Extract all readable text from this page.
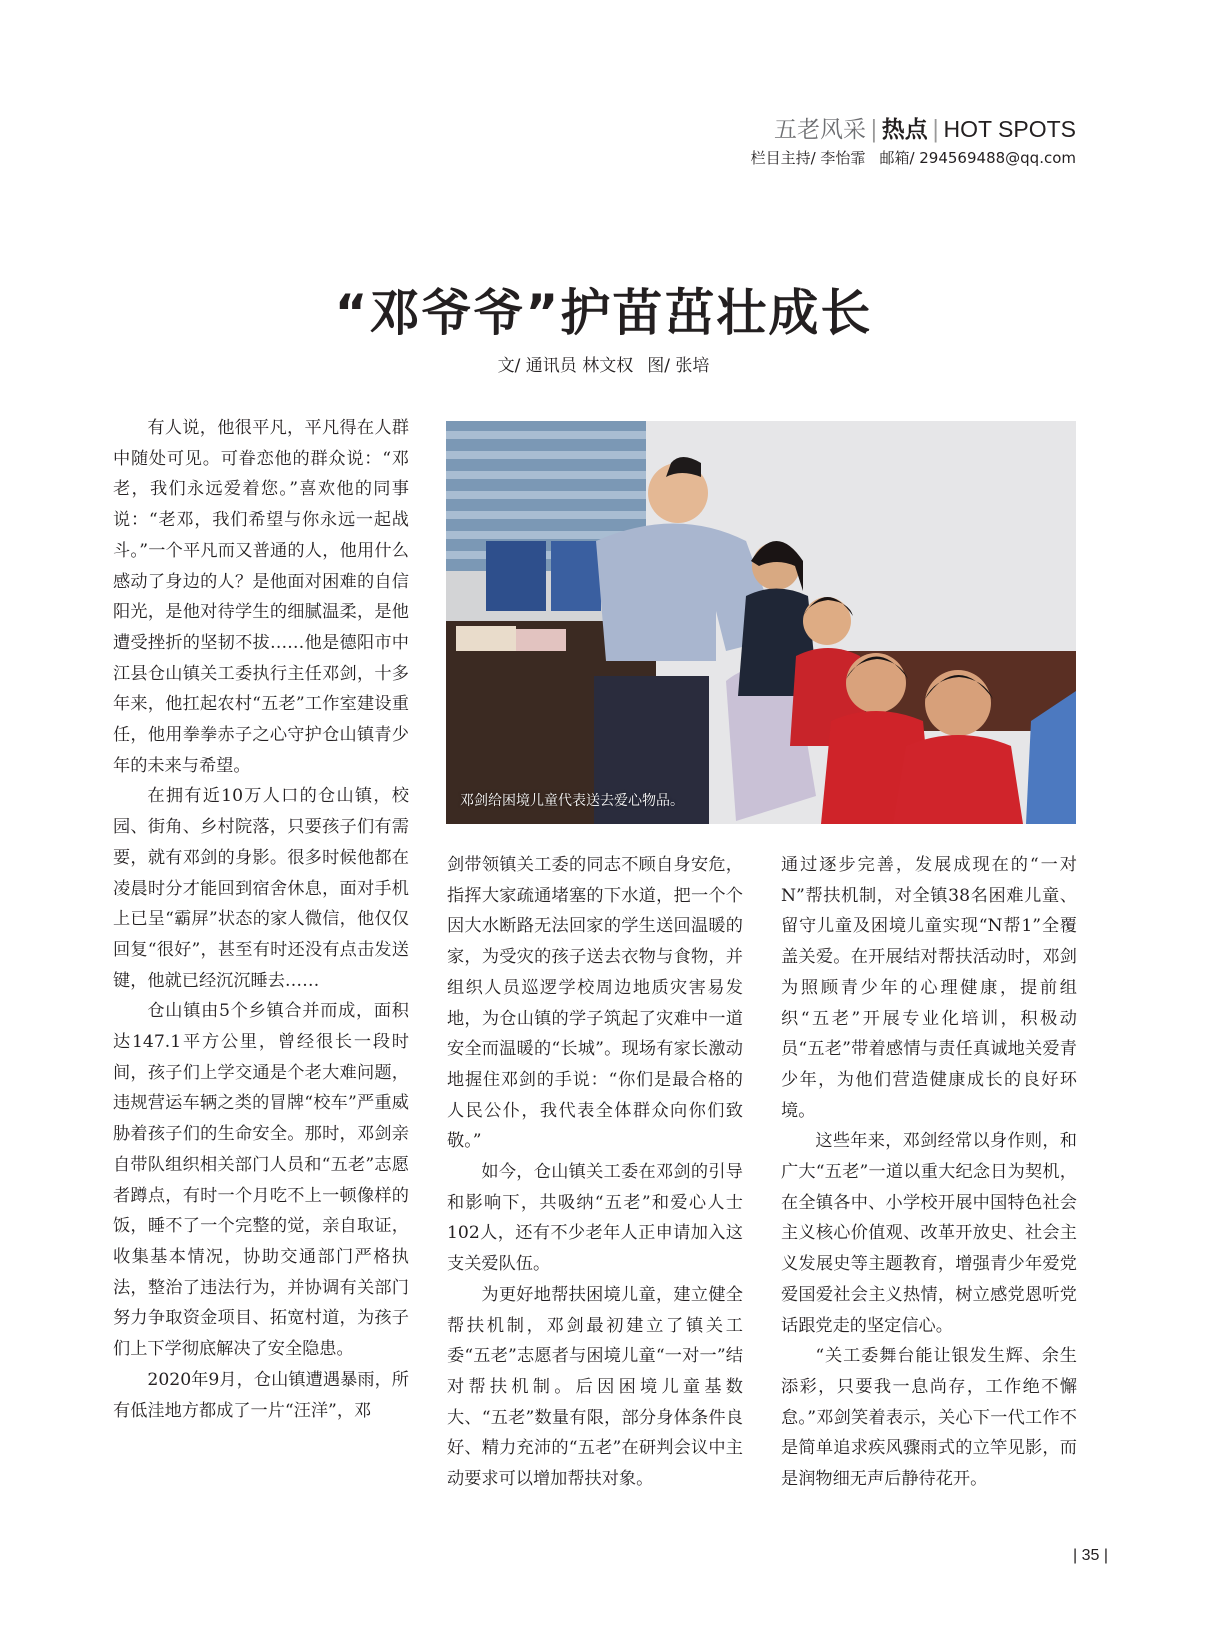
五老风采 | 热点 | HOT SPOTS
栏目主持/ 李怡霏 邮箱/ 294569488@qq.com
“邓爷爷”护苗茁壮成长
文/ 通讯员 林文权 图/ 张培

有人说，他很平凡，平凡得在人群中随处可见。可眷恋他的群众说：“邓老，我们永远爱着您。”喜欢他的同事说：“老邓，我们希望与你永远一起战斗。”一个平凡而又普通的人，他用什么感动了身边的人？是他面对困难的自信阳光，是他对待学生的细腻温柔，是他遭受挫折的坚韧不拔……他是德阳市中江县仓山镇关工委执行主任邓剑，十多年来，他扛起农村“五老”工作室建设重任，他用拳拳赤子之心守护仓山镇青少年的未来与希望。

在拥有近10万人口的仓山镇，校园、街角、乡村院落，只要孩子们有需要，就有邓剑的身影。很多时候他都在凌晨时分才能回到宿舍休息，面对手机上已呈“霸屏”状态的家人微信，他仅仅回复“很好”，甚至有时还没有点击发送键，他就已经沉沉睡去……

仓山镇由5个乡镇合并而成，面积达147.1平方公里，曾经很长一段时间，孩子们上学交通是个老大难问题，违规营运车辆之类的冒牌“校车”严重威胁着孩子们的生命安全。那时，邓剑亲自带队组织相关部门人员和“五老”志愿者蹲点，有时一个月吃不上一顿像样的饭，睡不了一个完整的觉，亲自取证，收集基本情况，协助交通部门严格执法，整治了违法行为，并协调有关部门努力争取资金项目、拓宽村道，为孩子们上下学彻底解决了安全隐患。

2020年9月，仓山镇遭遇暴雨，所有低洼地方都成了一片“汪洋”，邓

邓剑给困境儿童代表送去爱心物品。

剑带领镇关工委的同志不顾自身安危，指挥大家疏通堵塞的下水道，把一个个因大水断路无法回家的学生送回温暖的家，为受灾的孩子送去衣物与食物，并组织人员巡逻学校周边地质灾害易发地，为仓山镇的学子筑起了灾难中一道安全而温暖的“长城”。现场有家长激动地握住邓剑的手说：“你们是最合格的人民公仆，我代表全体群众向你们致敬。”

如今，仓山镇关工委在邓剑的引导和影响下，共吸纳“五老”和爱心人士102人，还有不少老年人正申请加入这支关爱队伍。

为更好地帮扶困境儿童，建立健全帮扶机制，邓剑最初建立了镇关工委“五老”志愿者与困境儿童“一对一”结对帮扶机制。后因困境儿童基数大、“五老”数量有限，部分身体条件良好、精力充沛的“五老”在研判会议中主动要求可以增加帮扶对象。

通过逐步完善，发展成现在的“一对N”帮扶机制，对全镇38名困难儿童、留守儿童及困境儿童实现“N帮1”全覆盖关爱。在开展结对帮扶活动时，邓剑为照顾青少年的心理健康，提前组织“五老”开展专业化培训，积极动员“五老”带着感情与责任真诚地关爱青少年，为他们营造健康成长的良好环境。

这些年来，邓剑经常以身作则，和广大“五老”一道以重大纪念日为契机，在全镇各中、小学校开展中国特色社会主义核心价值观、改革开放史、社会主义发展史等主题教育，增强青少年爱党爱国爱社会主义热情，树立感党恩听党话跟党走的坚定信心。

“关工委舞台能让银发生辉、余生添彩，只要我一息尚存，工作绝不懈怠。”邓剑笑着表示，关心下一代工作不是简单追求疾风骤雨式的立竿见影，而是润物细无声后静待花开。

| 35 |
